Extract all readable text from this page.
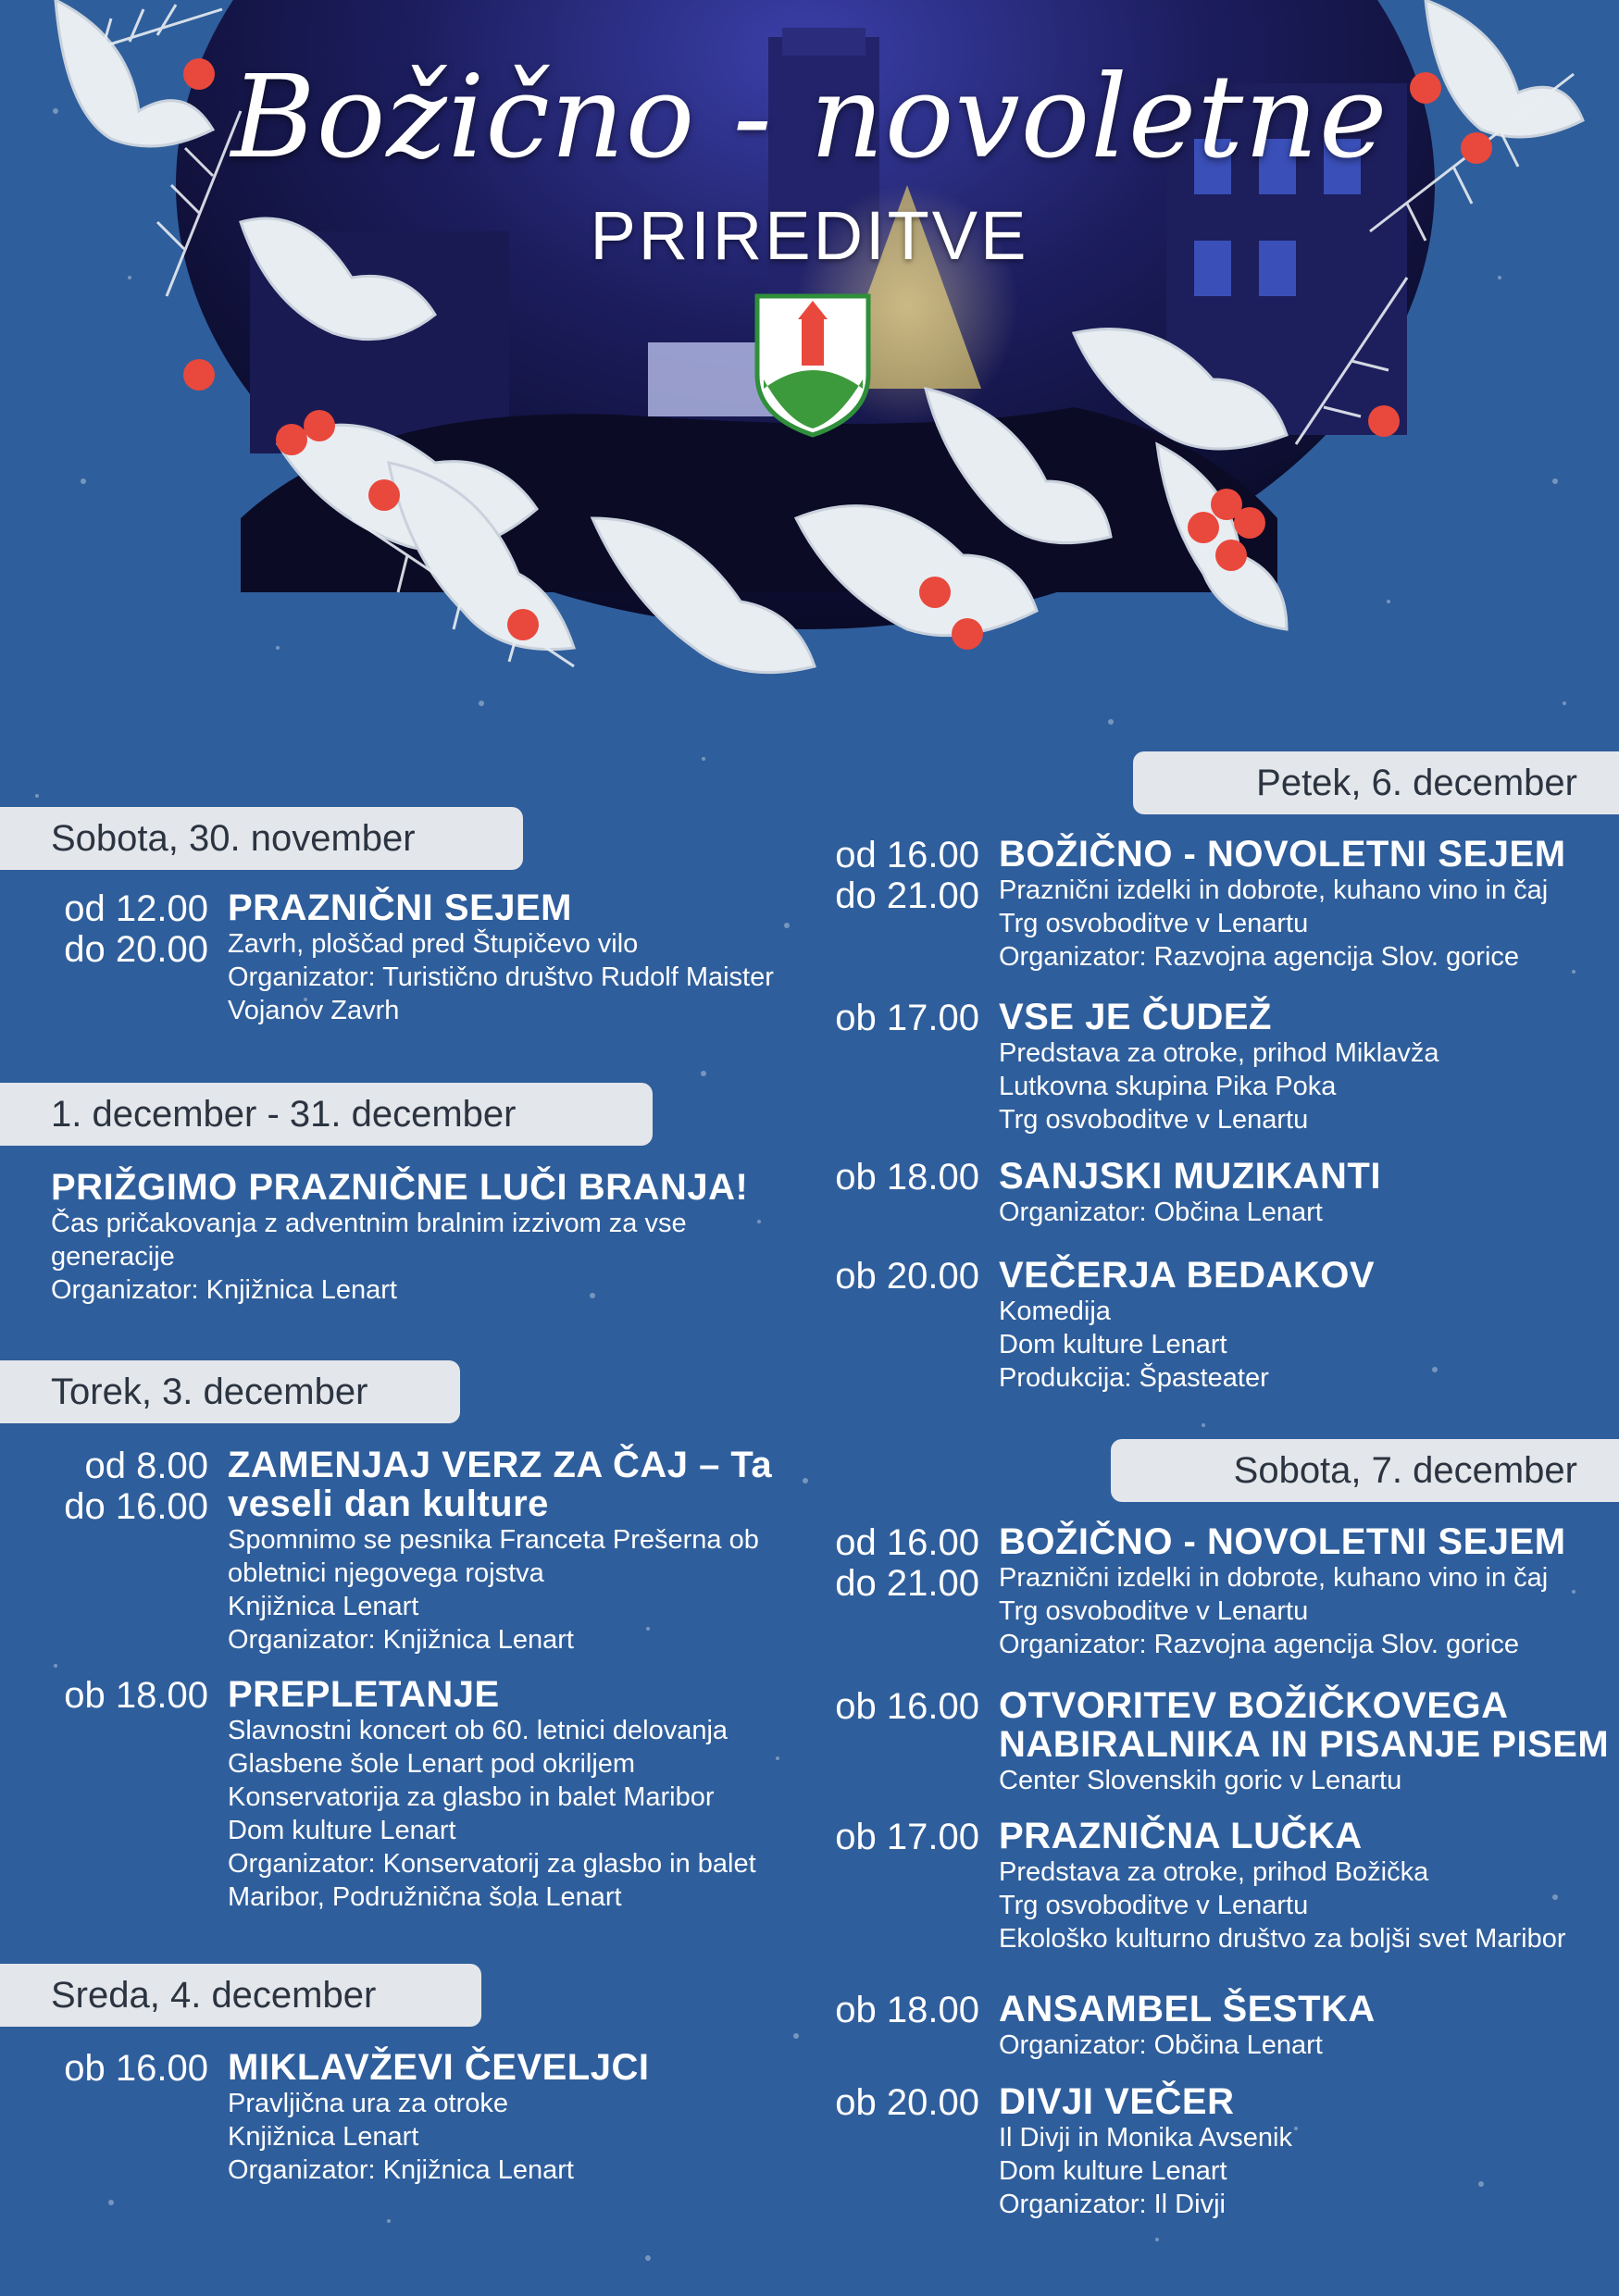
Božično - novoletne
PRIREDITVE
Sobota, 30. november
od 12.00
do 20.00
PRAZNIČNI SEJEM
Zavrh, ploščad pred Štupičevo vilo
Organizator: Turistično društvo Rudolf Maister
Vojanov Zavrh
1. december - 31. december
PRIŽGIMO PRAZNIČNE LUČI BRANJA!
Čas pričakovanja z adventnim bralnim izzivom za vse
generacije
Organizator: Knjižnica Lenart
Torek, 3. december
od 8.00
do 16.00
ZAMENJAJ VERZ ZA ČAJ – Ta
veseli dan kulture
Spomnimo se pesnika Franceta Prešerna ob
obletnici njegovega rojstva
Knjižnica Lenart
Organizator: Knjižnica Lenart
ob 18.00 PREPLETANJE
Slavnostni koncert ob 60. letnici delovanja
Glasbene šole Lenart pod okriljem
Konservatorija za glasbo in balet Maribor
Dom kulture Lenart
Organizator: Konservatorij za glasbo in balet
Maribor, Podružnična šola Lenart
Sreda, 4. december
ob 16.00 MIKLAVŽEVI ČEVELJCI
Pravljična ura za otroke
Knjižnica Lenart
Organizator: Knjižnica Lenart
Petek, 6. december
od 16.00
do 21.00
BOŽIČNO - NOVOLETNI SEJEM
Praznični izdelki in dobrote, kuhano vino in čaj
Trg osvoboditve v Lenartu
Organizator: Razvojna agencija Slov. gorice
ob 17.00 VSE JE ČUDEŽ
Predstava za otroke, prihod Miklavža
Lutkovna skupina Pika Poka
Trg osvoboditve v Lenartu
ob 18.00 SANJSKI MUZIKANTI
Organizator: Občina Lenart
ob 20.00 VEČERJA BEDAKOV
Komedija
Dom kulture Lenart
Produkcija: Špasteater
Sobota, 7. december
od 16.00
do 21.00
BOŽIČNO - NOVOLETNI SEJEM
Praznični izdelki in dobrote, kuhano vino in čaj
Trg osvoboditve v Lenartu
Organizator: Razvojna agencija Slov. gorice
ob 16.00 OTVORITEV BOŽIČKOVEGA
NABIRALNIKA IN PISANJE PISEM
Center Slovenskih goric v Lenartu
ob 17.00 PRAZNIČNA LUČKA
Predstava za otroke, prihod Božička
Trg osvoboditve v Lenartu
Ekološko kulturno društvo za boljši svet Maribor
ob 18.00 ANSAMBEL ŠESTKA
Organizator: Občina Lenart
ob 20.00 DIVJI VEČER
Il Divji in Monika Avsenik
Dom kulture Lenart
Organizator: Il Divji
